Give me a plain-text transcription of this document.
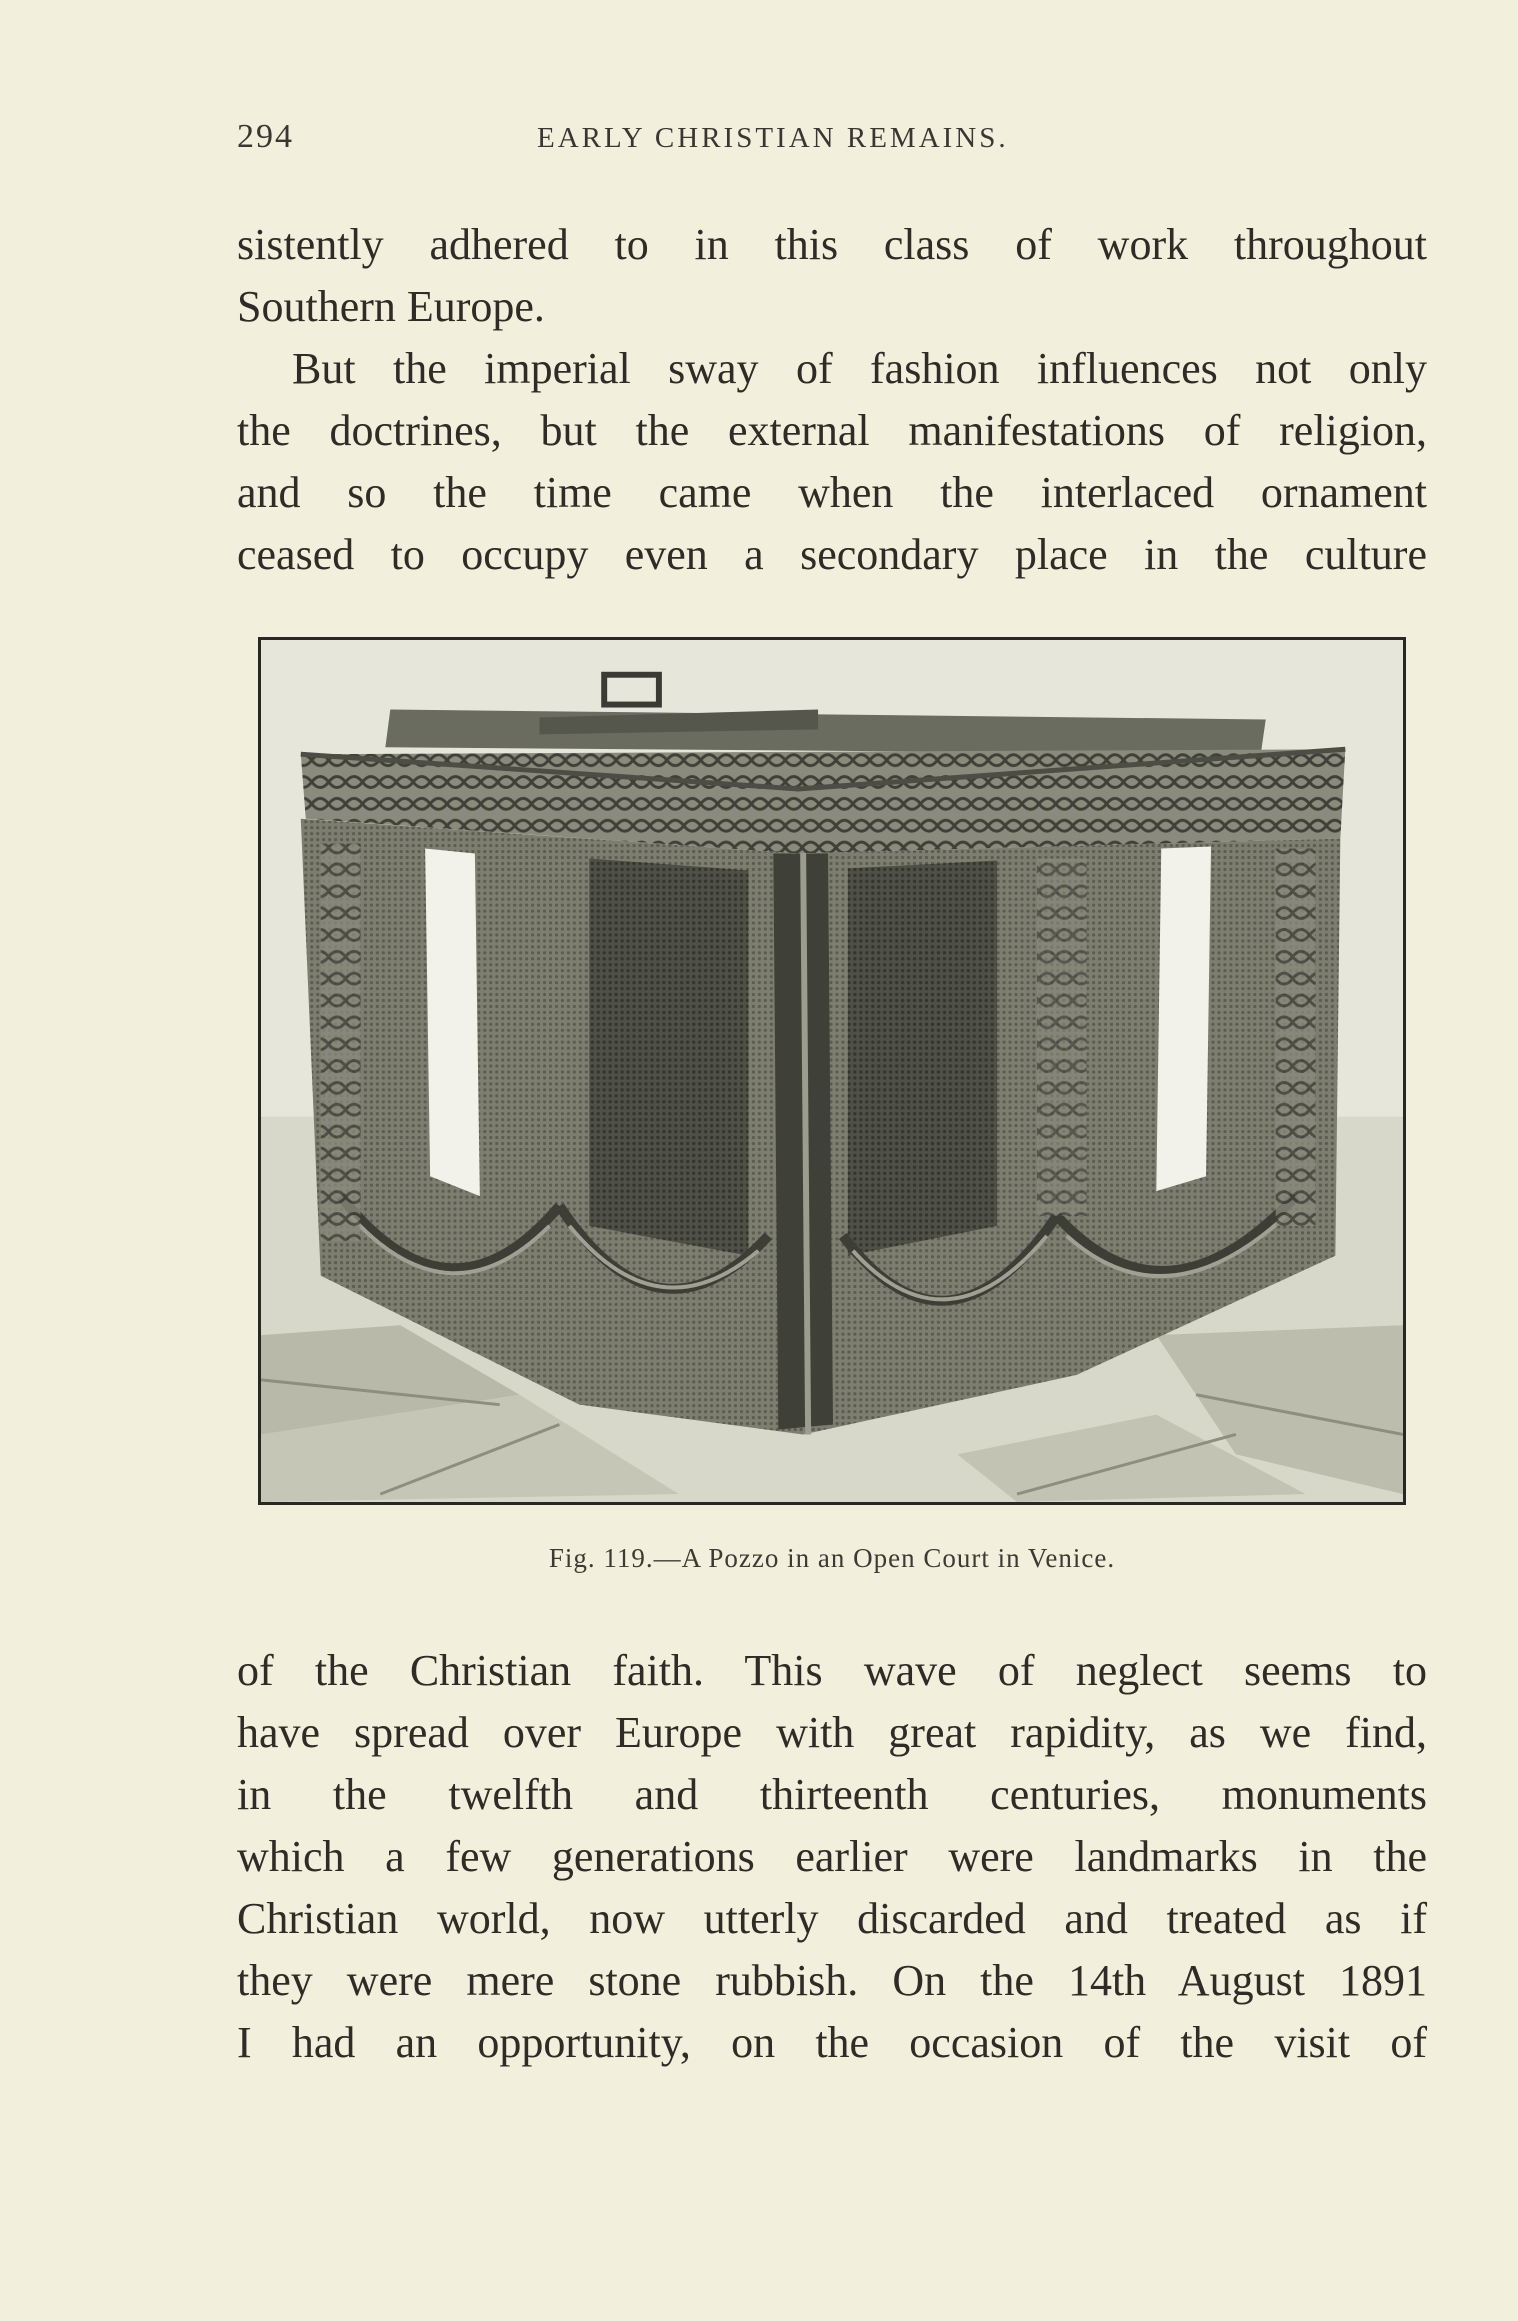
294	EARLY CHRISTIAN REMAINS.

sistently adhered to in this class of work throughout
Southern Europe.

But the imperial sway of fashion influences not only
the doctrines, but the external manifestations of religion,
and so the time came when the interlaced ornament
ceased to occupy even a secondary place in the culture

Fig. 119.—A Pozzo in an Open Court in Venice.

of the Christian faith. This wave of neglect seems to
have spread over Europe with great rapidity, as we find,
in the twelfth and thirteenth centuries, monuments
which a few generations earlier were landmarks in the
Christian world, now utterly discarded and treated as if
they were mere stone rubbish. On the 14th August 1891
I had an opportunity, on the occasion of the visit of
